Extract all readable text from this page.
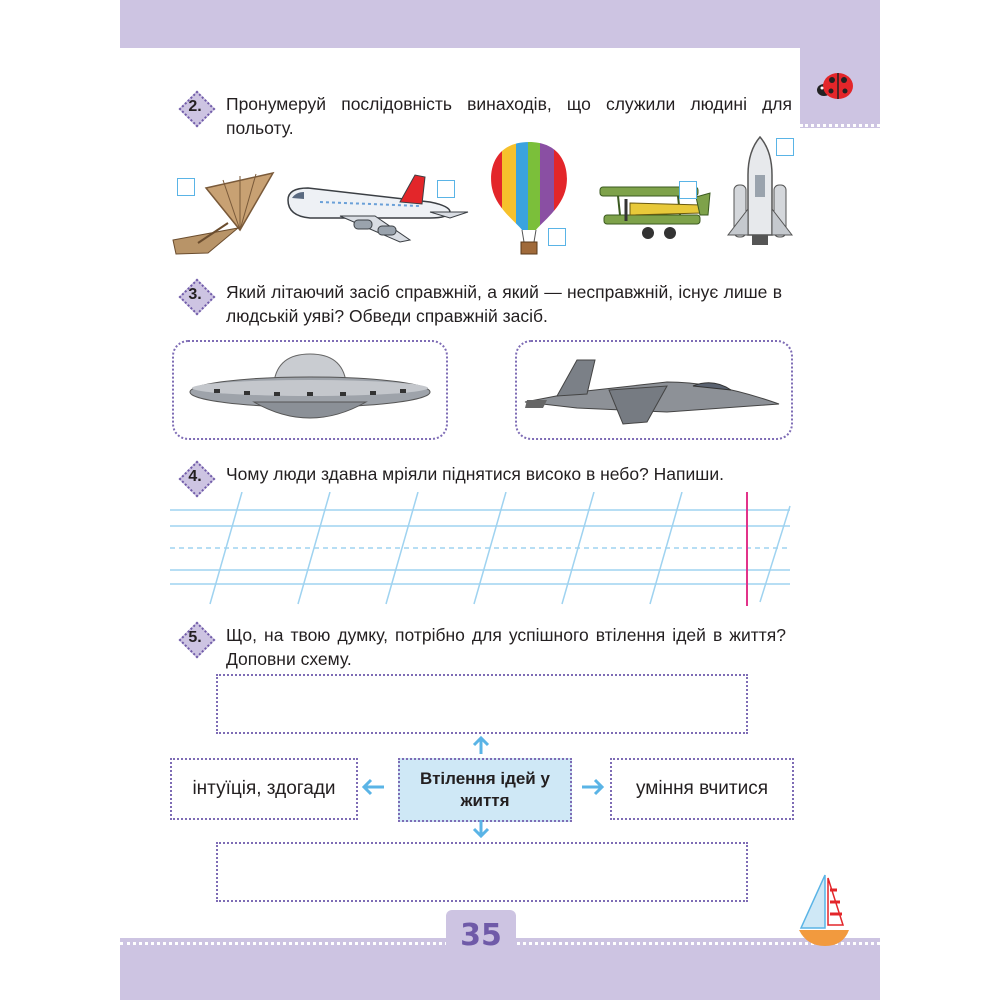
35
2.	Пронумеруй послідовність винаходів, що служили людині для польоту.
3.	Який літаючий засіб справжній, а який — несправжній, існує лише в людській уяві? Обведи справжній засіб.
4.	Чому люди здавна мріяли піднятися високо в небо? Напиши.
5.	Що, на твою думку, потрібно для успішного втілення ідей в життя? Доповни схему.
Втілення ідей у життя
інтуїція, здогади	уміння вчитися
